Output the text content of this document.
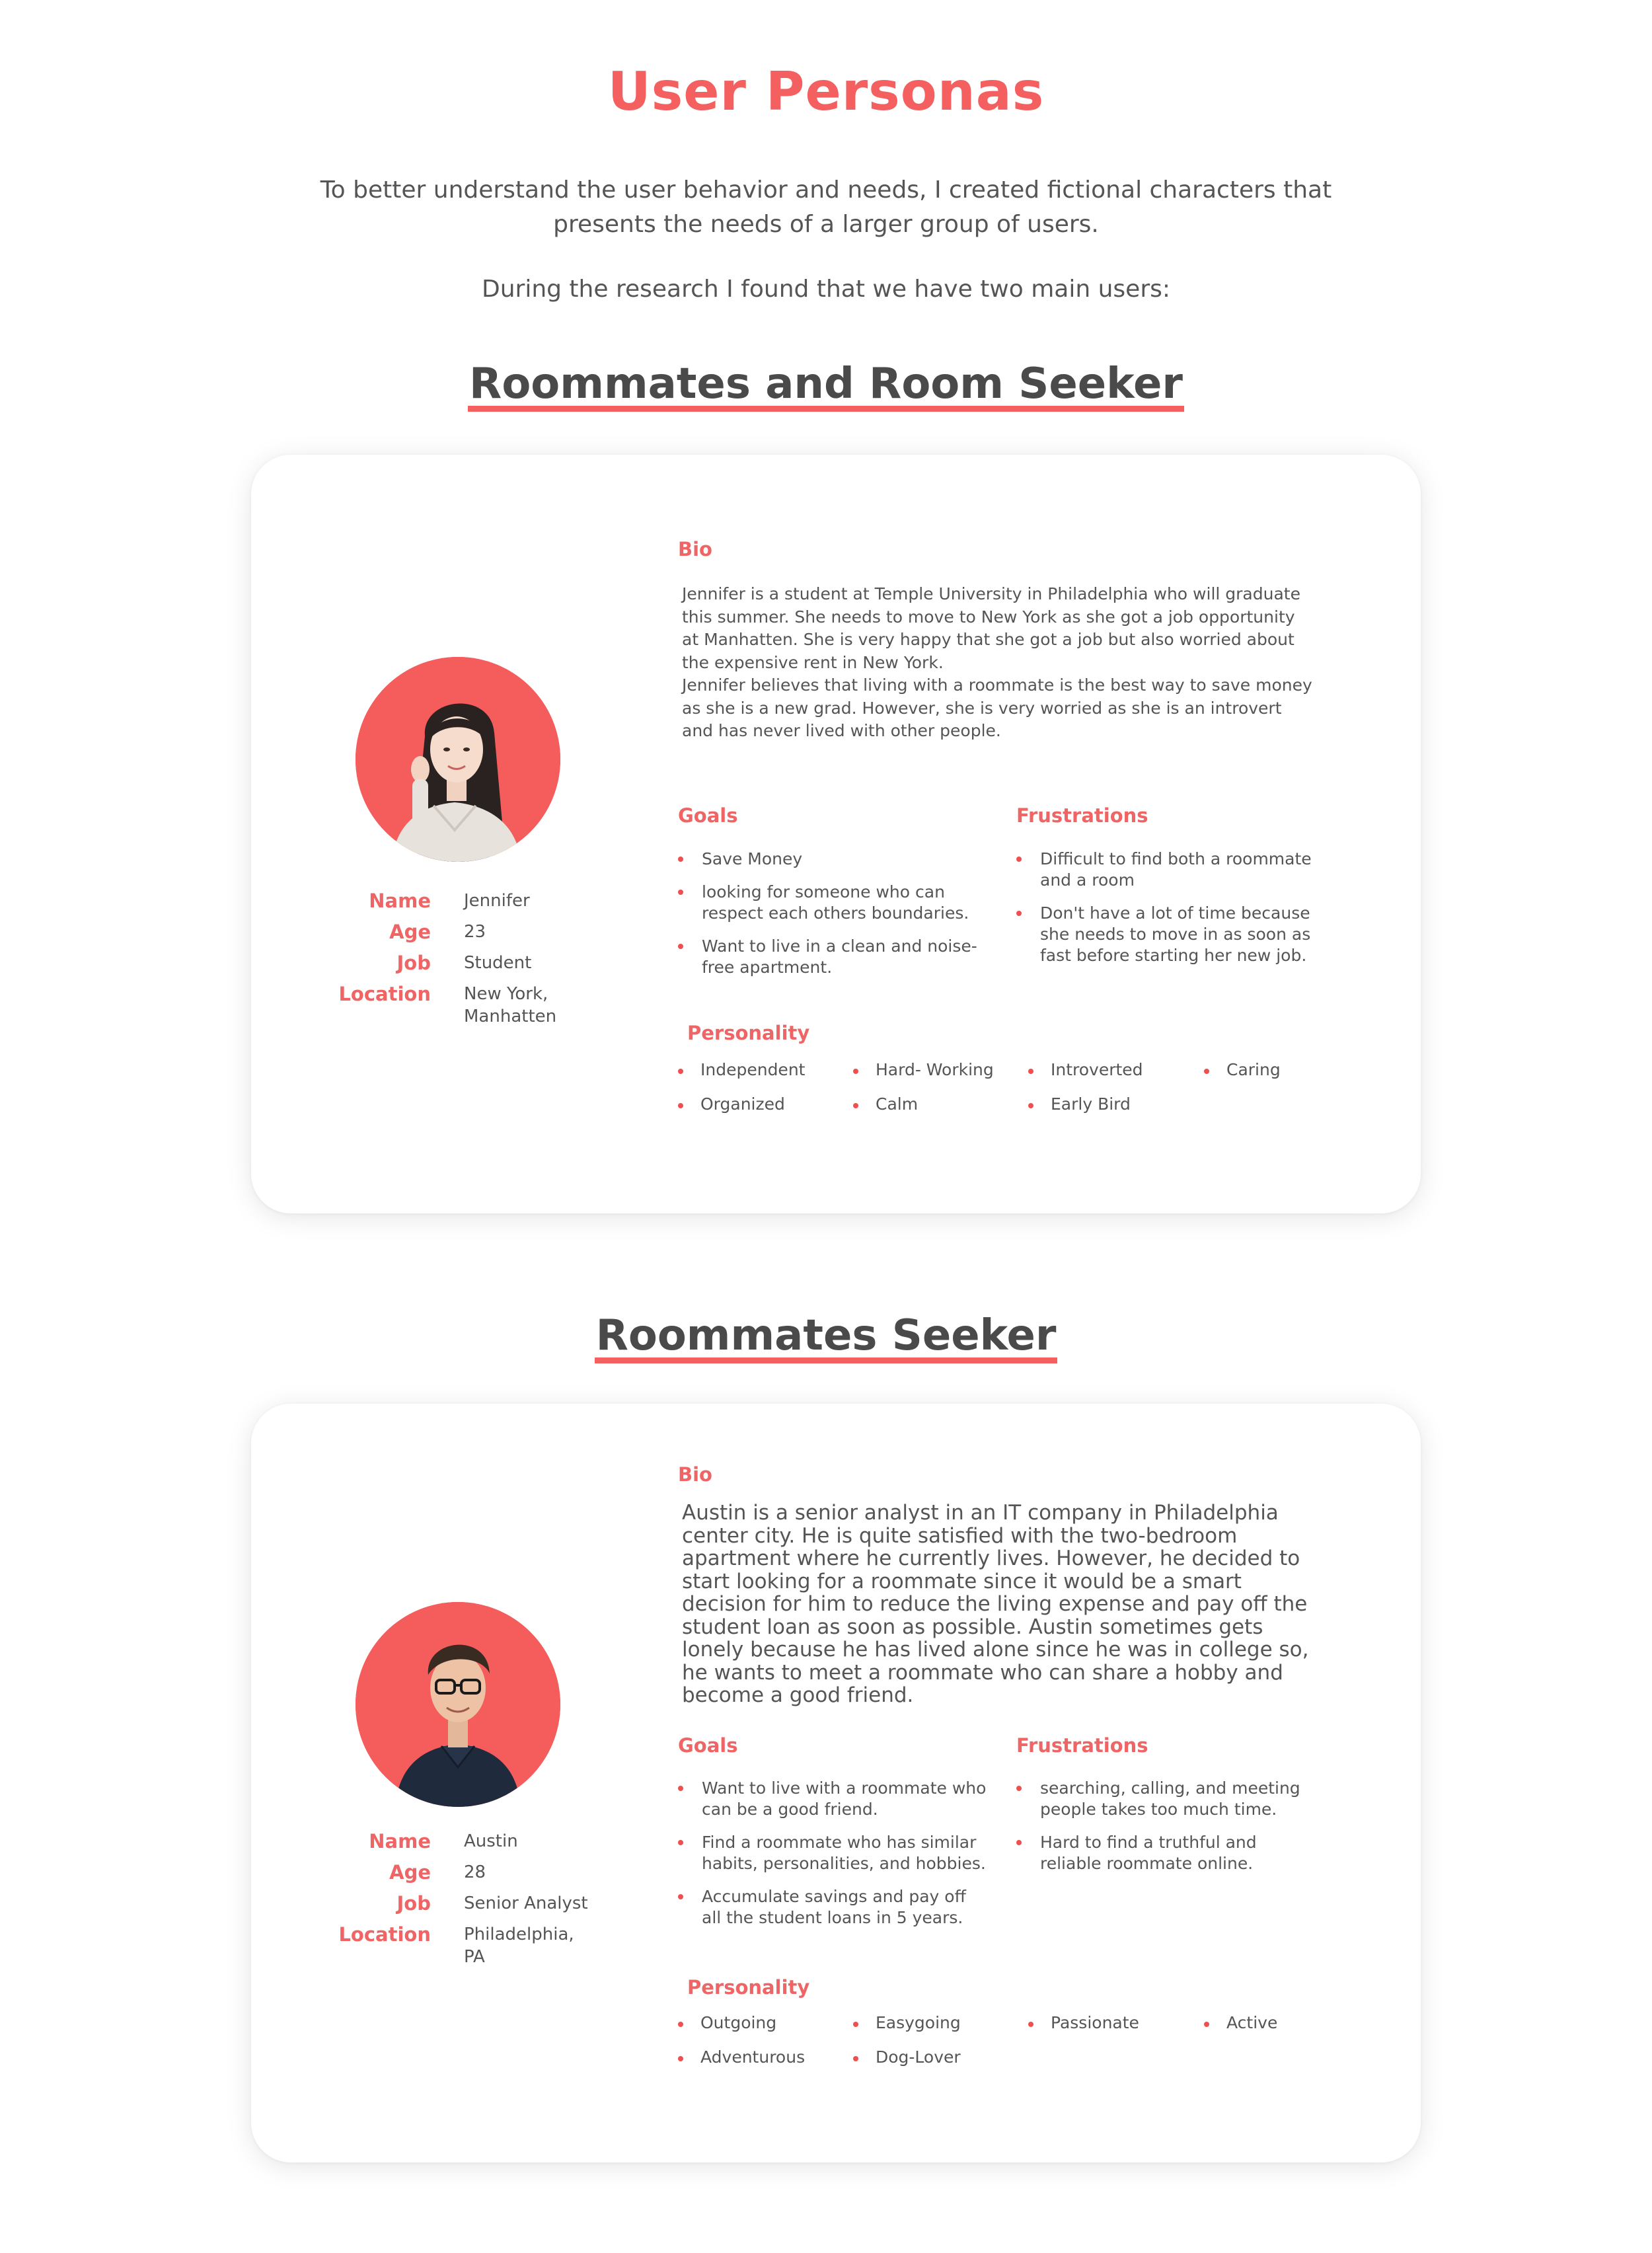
User Personas
To better understand the user behavior and needs, I created fictional characters that presents the needs of a larger group of users.
During the research I found that we have two main users:
Roommates and Room Seeker
Name Jennifer
Age 23
Job Student
Location New York,
Manhatten
Bio
Jennifer is a student at Temple University in Philadelphia who will graduate this summer. She needs to move to New York as she got a job opportunity at Manhatten. She is very happy that she got a job but also worried about the expensive rent in New York.
Jennifer believes that living with a roommate is the best way to save money as she is a new grad. However, she is very worried as she is an introvert and has never lived with other people.
Goals
Save Money
looking for someone who can respect each others boundaries.
Want to live in a clean and noise-free apartment.
Frustrations
Difficult to find both a roommate and a room
Don't have a lot of time because she needs to move in as soon as fast before starting her new job.
Personality
Independent	Hard- Working	Introverted	Caring
Organized	Calm	Early Bird
Roommates Seeker
Name Austin
Age 28
Job Senior Analyst
Location Philadelphia,
PA
Bio
Austin is a senior analyst in an IT company in Philadelphia center city. He is quite satisfied with the two-bedroom apartment where he currently lives. However, he decided to start looking for a roommate since it would be a smart decision for him to reduce the living expense and pay off the student loan as soon as possible. Austin sometimes gets lonely because he has lived alone since he was in college so, he wants to meet a roommate who can share a hobby and become a good friend.
Goals
Want to live with a roommate who can be a good friend.
Find a roommate who has similar habits, personalities, and hobbies.
Accumulate savings and pay off all the student loans in 5 years.
Frustrations
searching, calling, and meeting people takes too much time.
Hard to find a truthful and reliable roommate online.
Personality
Outgoing	Easygoing	Passionate	Active
Adventurous	Dog-Lover
